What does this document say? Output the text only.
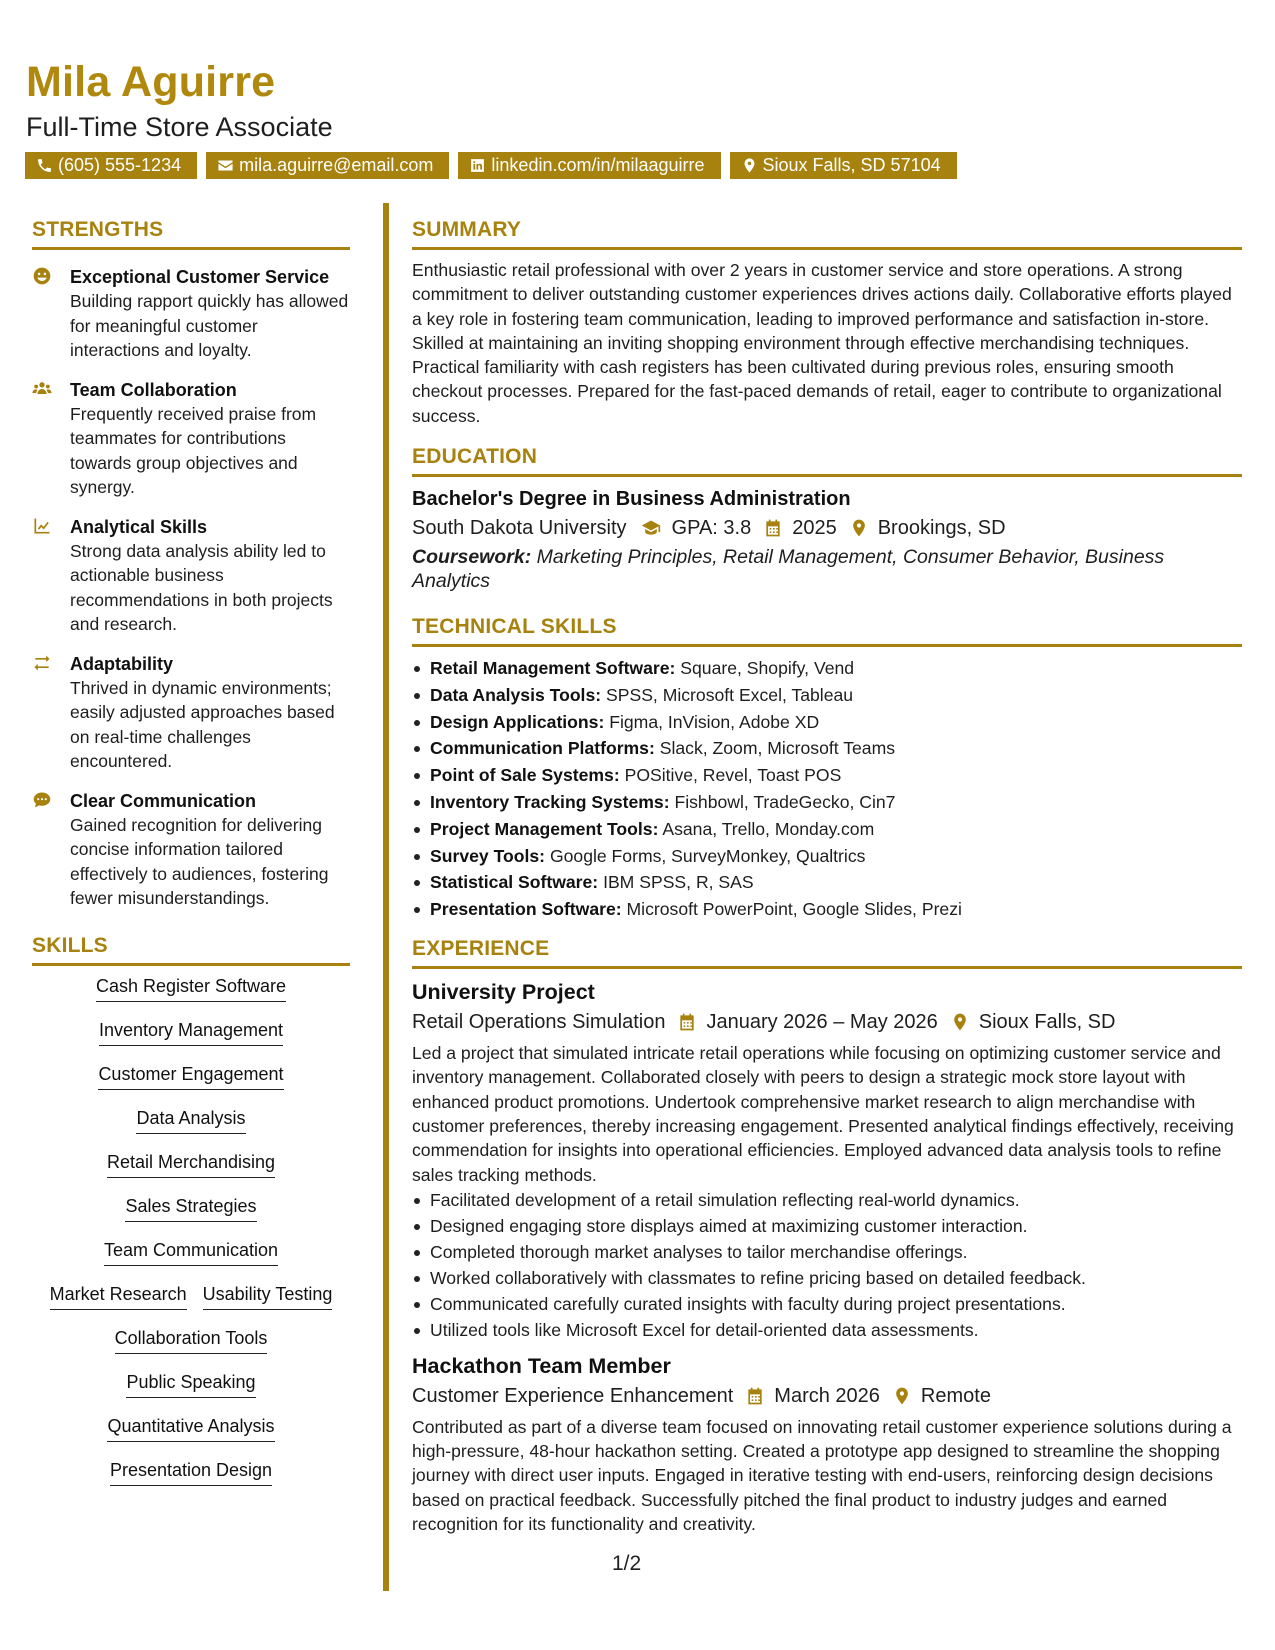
Mila Aguirre
Full-Time Store Associate
(605) 555-1234	mila.aguirre@email.com	linkedin.com/in/milaaguirre	Sioux Falls, SD 57104
STRENGTHS
Exceptional Customer Service
Building rapport quickly has allowed for meaningful customer interactions and loyalty.
Team Collaboration
Frequently received praise from teammates for contributions towards group objectives and synergy.
Analytical Skills
Strong data analysis ability led to actionable business recommendations in both projects and research.
Adaptability
Thrived in dynamic environments; easily adjusted approaches based on real-time challenges encountered.
Clear Communication
Gained recognition for delivering concise information tailored effectively to audiences, fostering fewer misunderstandings.
SKILLS
Cash Register Software
Inventory Management
Customer Engagement
Data Analysis
Retail Merchandising
Sales Strategies
Team Communication
Market Research Usability Testing
Collaboration Tools
Public Speaking
Quantitative Analysis
Presentation Design
SUMMARY
Enthusiastic retail professional with over 2 years in customer service and store operations. A strong commitment to deliver outstanding customer experiences drives actions daily. Collaborative efforts played a key role in fostering team communication, leading to improved performance and satisfaction in-store. Skilled at maintaining an inviting shopping environment through effective merchandising techniques. Practical familiarity with cash registers has been cultivated during previous roles, ensuring smooth checkout processes. Prepared for the fast-paced demands of retail, eager to contribute to organizational success.
EDUCATION
Bachelor's Degree in Business Administration
South Dakota University GPA: 3.8 2025 Brookings, SD
Coursework: Marketing Principles, Retail Management, Consumer Behavior, Business Analytics
TECHNICAL SKILLS
Retail Management Software: Square, Shopify, Vend
Data Analysis Tools: SPSS, Microsoft Excel, Tableau
Design Applications: Figma, InVision, Adobe XD
Communication Platforms: Slack, Zoom, Microsoft Teams
Point of Sale Systems: POSitive, Revel, Toast POS
Inventory Tracking Systems: Fishbowl, TradeGecko, Cin7
Project Management Tools: Asana, Trello, Monday.com
Survey Tools: Google Forms, SurveyMonkey, Qualtrics
Statistical Software: IBM SPSS, R, SAS
Presentation Software: Microsoft PowerPoint, Google Slides, Prezi
EXPERIENCE
University Project
Retail Operations Simulation January 2026 – May 2026 Sioux Falls, SD
Led a project that simulated intricate retail operations while focusing on optimizing customer service and inventory management. Collaborated closely with peers to design a strategic mock store layout with enhanced product promotions. Undertook comprehensive market research to align merchandise with customer preferences, thereby increasing engagement. Presented analytical findings effectively, receiving commendation for insights into operational efficiencies. Employed advanced data analysis tools to refine sales tracking methods.
Facilitated development of a retail simulation reflecting real-world dynamics.
Designed engaging store displays aimed at maximizing customer interaction.
Completed thorough market analyses to tailor merchandise offerings.
Worked collaboratively with classmates to refine pricing based on detailed feedback.
Communicated carefully curated insights with faculty during project presentations.
Utilized tools like Microsoft Excel for detail-oriented data assessments.
Hackathon Team Member
Customer Experience Enhancement March 2026 Remote
Contributed as part of a diverse team focused on innovating retail customer experience solutions during a high-pressure, 48-hour hackathon setting. Created a prototype app designed to streamline the shopping journey with direct user inputs. Engaged in iterative testing with end-users, reinforcing design decisions based on practical feedback. Successfully pitched the final product to industry judges and earned recognition for its functionality and creativity.
1/2
